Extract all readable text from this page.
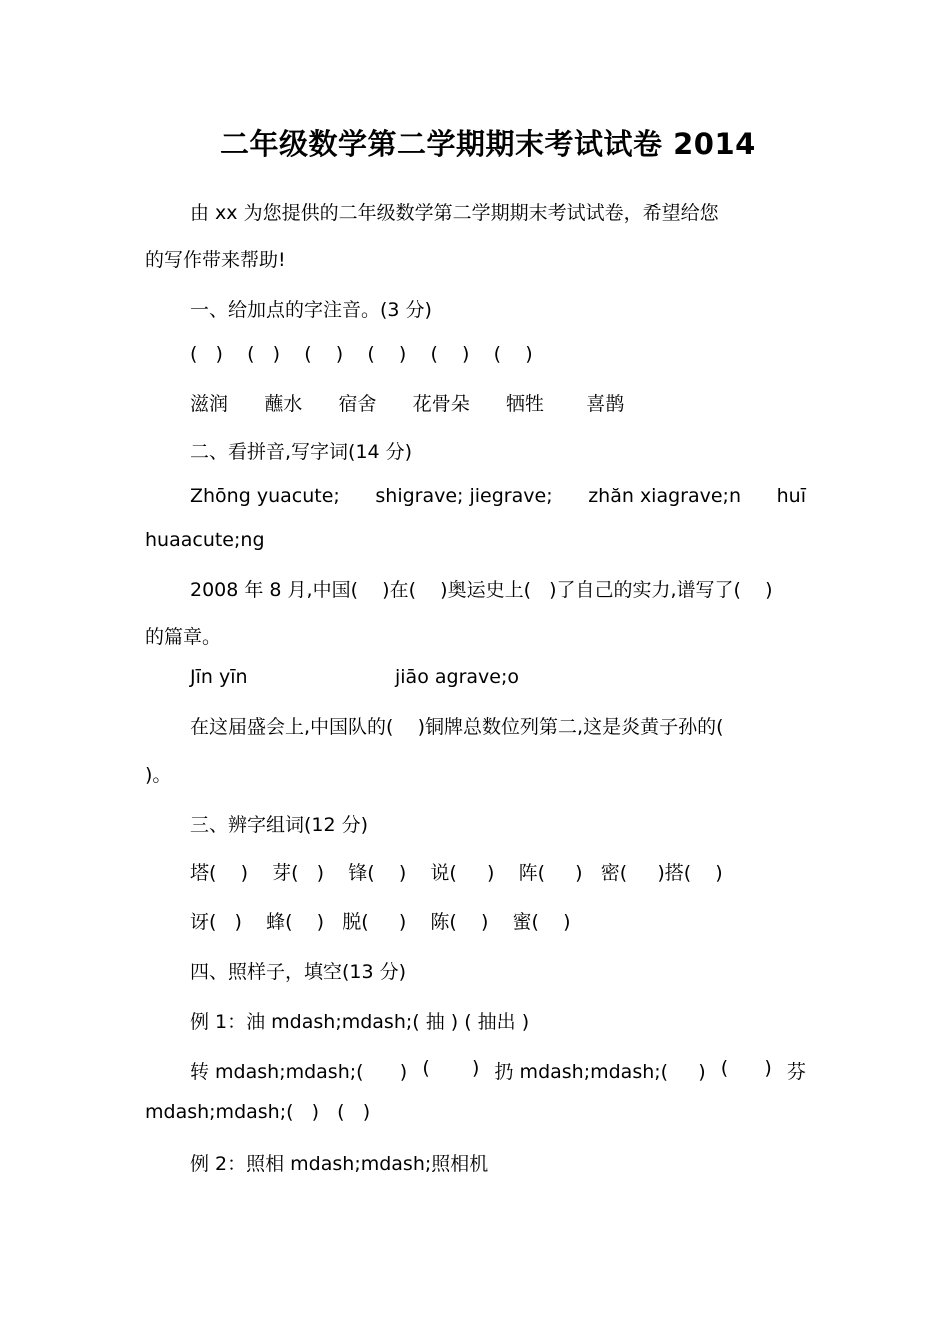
二年级数学第二学期期末考试试卷 2014
由 xx 为您提供的二年级数学第二学期期末考试试卷，希望给您
的写作带来帮助!
一、给加点的字注音。(3 分)
(   )    (   )    (    )    (    )    (    )    (    )
滋润      蘸水      宿舍      花骨朵      牺牲       喜鹊
二、看拼音,写字词(14 分)
Zhōng yuacute; shigrave; jiegrave; zhăn xiagrave;n huī
huaacute;ng
2008 年 8 月,中国(    )在(    )奥运史上(   )了自己的实力,谱写了(    )
的篇章。
Jīn yīn	jiāo agrave;o
在这届盛会上,中国队的(    )铜牌总数位列第二,这是炎黄子孙的(
)。
三、辨字组词(12 分)
塔(    )    芽(   )    锋(    )    说(     )    阵(     )   密(     )搭(    )
讶(   )    蜂(    )   脱(     )    陈(    )    蜜(    )
四、照样子，填空(13 分)
例 1：油 mdash;mdash;( 抽 ) ( 抽出 )
转 mdash;mdash;(      ) (       ) 扔 mdash;mdash;(     ) (      ) 芬
mdash;mdash;(   )   (   )
例 2：照相 mdash;mdash;照相机
